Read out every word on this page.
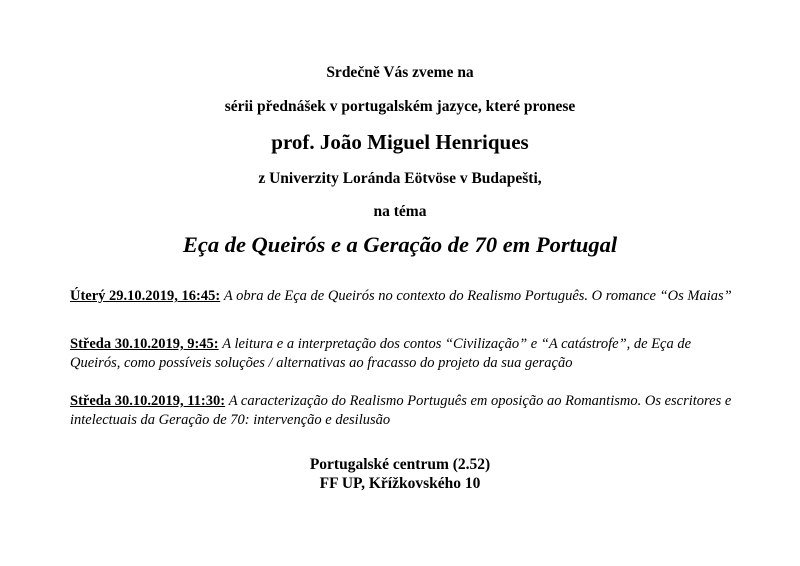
Srdečně Vás zveme na
sérii přednášek v portugalském jazyce, které pronese
prof. João Miguel Henriques
z Univerzity Loránda Eötvöse v Budapešti,
na téma
Eça de Queirós e a Geração de 70 em Portugal
Úterý 29.10.2019, 16:45: A obra de Eça de Queirós no contexto do Realismo Português. O romance “Os Maias”
Středa 30.10.2019, 9:45: A leitura e a interpretação dos contos “Civilização” e “A catástrofe”, de Eça de Queirós, como possíveis soluções / alternativas ao fracasso do projeto da sua geração
Středa 30.10.2019, 11:30: A caracterização do Realismo Português em oposição ao Romantismo. Os escritores e intelectuais da Geração de 70: intervenção e desilusão
Portugalské centrum (2.52)
FF UP, Křížkovského 10
